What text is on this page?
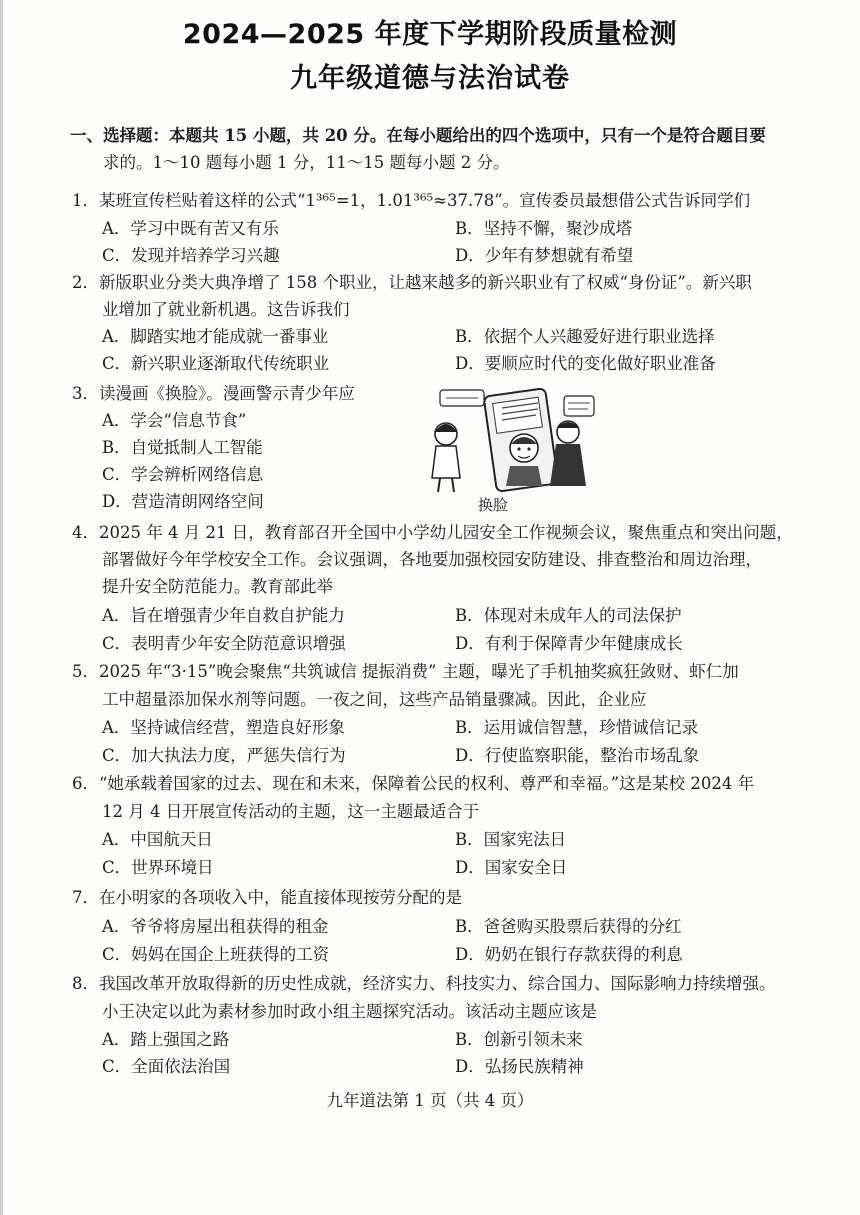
2024—2025 年度下学期阶段质量检测
九年级道德与法治试卷
一、选择题：本题共 15 小题，共 20 分。在每小题给出的四个选项中，只有一个是符合题目要
求的。1～10 题每小题 1 分，11～15 题每小题 2 分。
1．某班宣传栏贴着这样的公式“1³⁶⁵=1，1.01³⁶⁵≈37.78”。宣传委员最想借公式告诉同学们
A．学习中既有苦又有乐	B．坚持不懈，聚沙成塔
C．发现并培养学习兴趣	D．少年有梦想就有希望
2．新版职业分类大典净增了 158 个职业，让越来越多的新兴职业有了权威“身份证”。新兴职
业增加了就业新机遇。这告诉我们
A．脚踏实地才能成就一番事业	B．依据个人兴趣爱好进行职业选择
C．新兴职业逐渐取代传统职业	D．要顺应时代的变化做好职业准备
3．读漫画《换脸》。漫画警示青少年应
A．学会“信息节食”
B．自觉抵制人工智能
C．学会辨析网络信息
D．营造清朗网络空间	换脸
4．2025 年 4 月 21 日，教育部召开全国中小学幼儿园安全工作视频会议，聚焦重点和突出问题，
部署做好今年学校安全工作。会议强调，各地要加强校园安防建设、排查整治和周边治理，
提升安全防范能力。教育部此举
A．旨在增强青少年自救自护能力	B．体现对未成年人的司法保护
C．表明青少年安全防范意识增强	D．有利于保障青少年健康成长
5．2025 年“3·15”晚会聚焦“共筑诚信 提振消费” 主题，曝光了手机抽奖疯狂敛财、虾仁加
工中超量添加保水剂等问题。一夜之间，这些产品销量骤减。因此，企业应
A．坚持诚信经营，塑造良好形象	B．运用诚信智慧，珍惜诚信记录
C．加大执法力度，严惩失信行为	D．行使监察职能，整治市场乱象
6．“她承载着国家的过去、现在和未来，保障着公民的权利、尊严和幸福。”这是某校 2024 年
12 月 4 日开展宣传活动的主题，这一主题最适合于
A．中国航天日	B．国家宪法日
C．世界环境日	D．国家安全日
7．在小明家的各项收入中，能直接体现按劳分配的是
A．爷爷将房屋出租获得的租金	B．爸爸购买股票后获得的分红
C．妈妈在国企上班获得的工资	D．奶奶在银行存款获得的利息
8．我国改革开放取得新的历史性成就，经济实力、科技实力、综合国力、国际影响力持续增强。
小王决定以此为素材参加时政小组主题探究活动。该活动主题应该是
A．踏上强国之路	B．创新引领未来
C．全面依法治国	D．弘扬民族精神
九年道法第 1 页（共 4 页）
